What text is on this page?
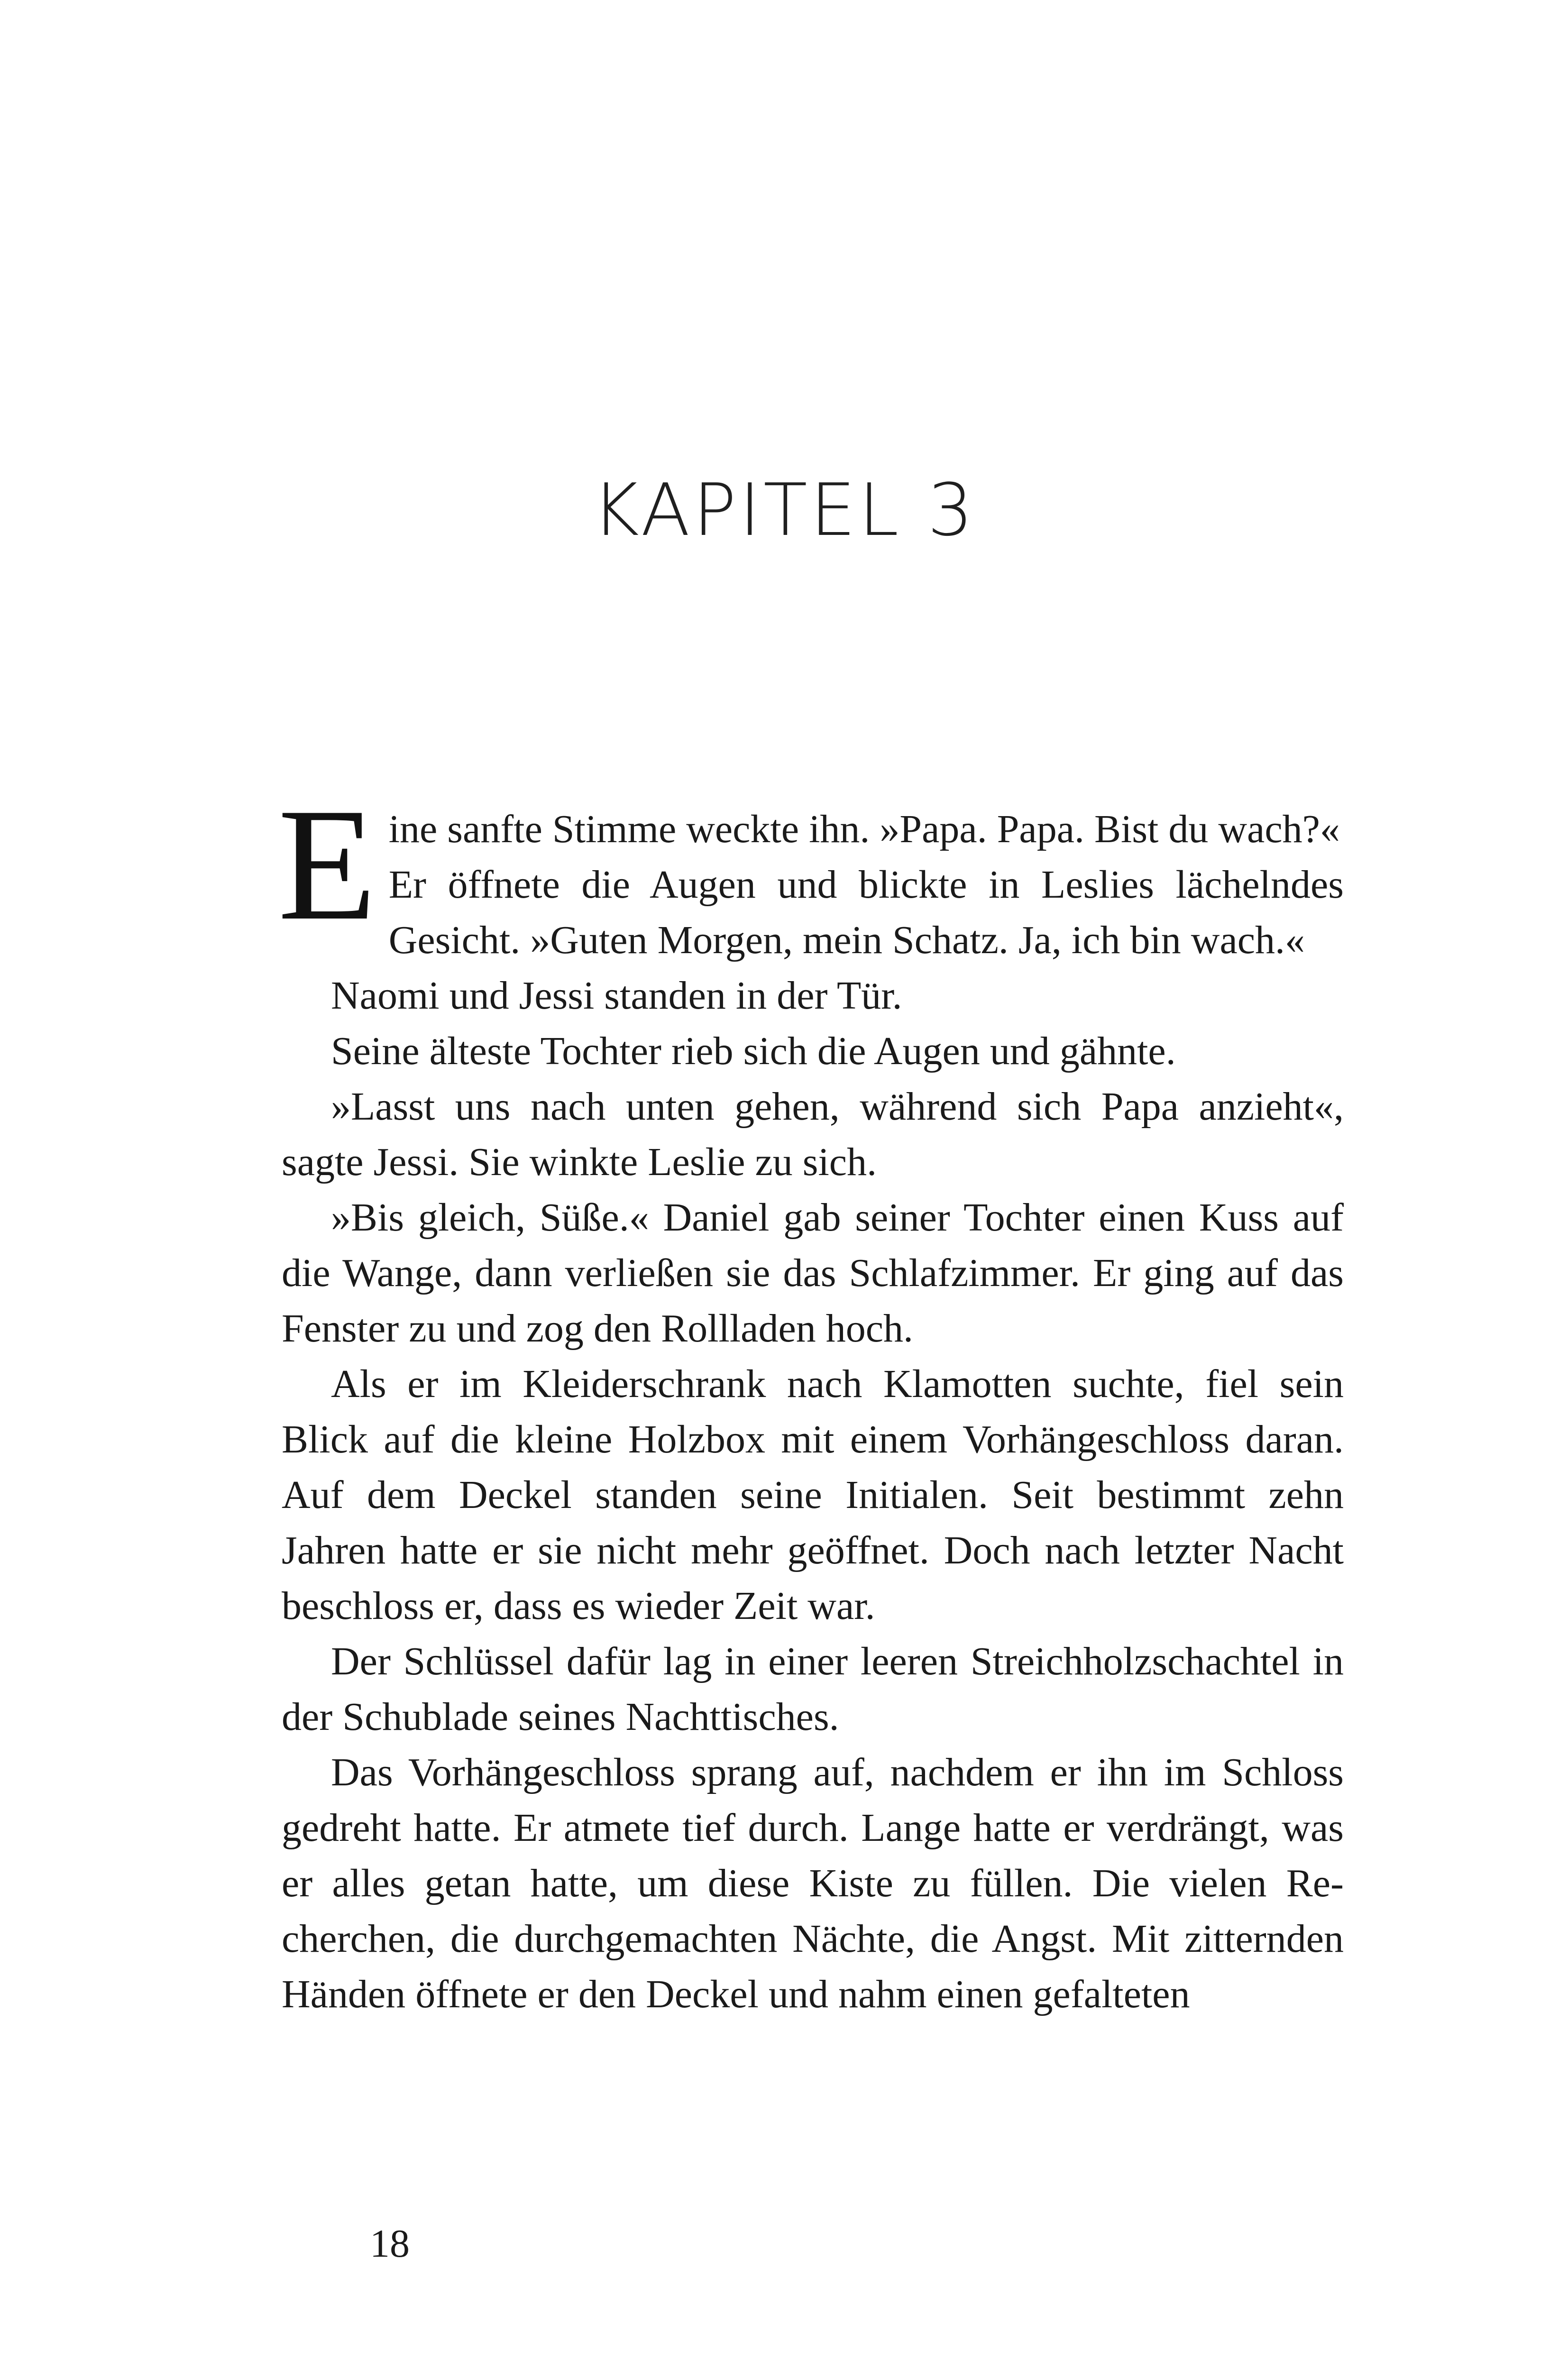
KAPITEL 3

Eine sanfte Stimme weckte ihn. »Papa. Papa. Bist du wach?«

Er öffnete die Augen und blickte in Leslies lächelndes Gesicht. »Guten Morgen, mein Schatz. Ja, ich bin wach.«

Naomi und Jessi standen in der Tür.

Seine älteste Tochter rieb sich die Augen und gähnte.

»Lasst uns nach unten gehen, während sich Papa anzieht«, sagte Jessi. Sie winkte Leslie zu sich.

»Bis gleich, Süße.« Daniel gab seiner Tochter einen Kuss auf die Wange, dann verließen sie das Schlafzimmer. Er ging auf das Fenster zu und zog den Rollladen hoch.

Als er im Kleiderschrank nach Klamotten suchte, fiel sein Blick auf die kleine Holzbox mit einem Vorhängeschloss daran. Auf dem Deckel standen seine Initialen. Seit bestimmt zehn Jahren hatte er sie nicht mehr geöffnet. Doch nach letzter Nacht beschloss er, dass es wieder Zeit war.

Der Schlüssel dafür lag in einer leeren Streichholzschachtel in der Schublade seines Nachttisches.

Das Vorhängeschloss sprang auf, nachdem er ihn im Schloss gedreht hatte. Er atmete tief durch. Lange hatte er verdrängt, was er alles getan hatte, um diese Kiste zu füllen. Die vielen Recherchen, die durchgemachten Nächte, die Angst. Mit zitternden Händen öffnete er den Deckel und nahm einen gefalteten

18
